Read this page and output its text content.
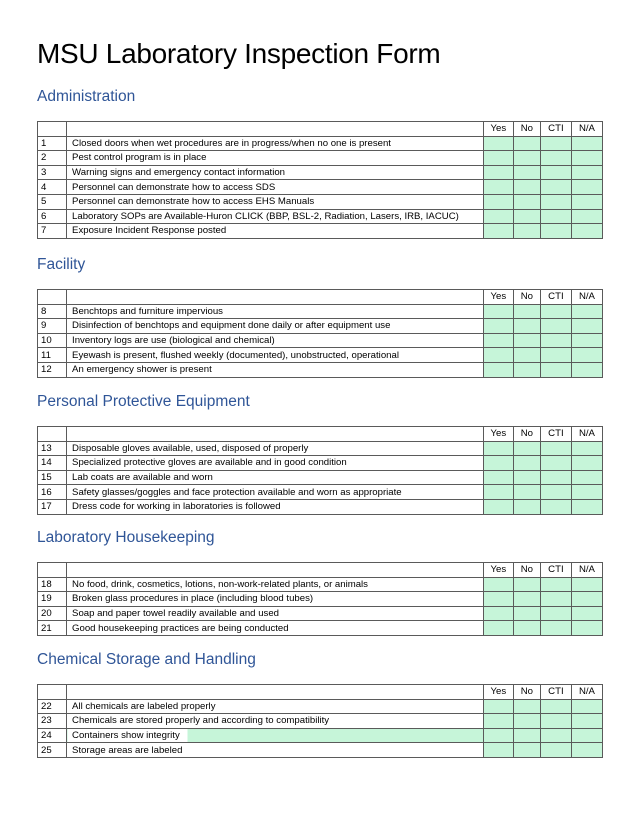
MSU Laboratory Inspection Form
Administration
		Yes	No	CTI	N/A
1	Closed doors when wet procedures are in progress/when no one is present				
2	Pest control program is in place				
3	Warning signs and emergency contact information				
4	Personnel can demonstrate how to access SDS				
5	Personnel can demonstrate how to access EHS Manuals				
6	Laboratory SOPs are Available-Huron CLICK (BBP, BSL-2, Radiation, Lasers, IRB, IACUC)				
7	Exposure Incident Response posted				
Facility
		Yes	No	CTI	N/A
8	Benchtops and furniture impervious				
9	Disinfection of benchtops and equipment done daily or after equipment use				
10	Inventory logs are use (biological and chemical)				
11	Eyewash is present, flushed weekly (documented), unobstructed, operational				
12	An emergency shower is present				
Personal Protective Equipment
		Yes	No	CTI	N/A
13	Disposable gloves available, used, disposed of properly				
14	Specialized protective gloves are available and in good condition				
15	Lab coats are available and worn				
16	Safety glasses/goggles and face protection available and worn as appropriate				
17	Dress code for working in laboratories is followed				
Laboratory Housekeeping
		Yes	No	CTI	N/A
18	No food, drink, cosmetics, lotions, non-work-related plants, or animals				
19	Broken glass procedures in place (including blood tubes)				
20	Soap and paper towel readily available and used				
21	Good housekeeping practices are being conducted				
Chemical Storage and Handling
		Yes	No	CTI	N/A
22	All chemicals are labeled properly				
23	Chemicals are stored properly and according to compatibility				
24	Containers show integrity				
25	Storage areas are labeled				
